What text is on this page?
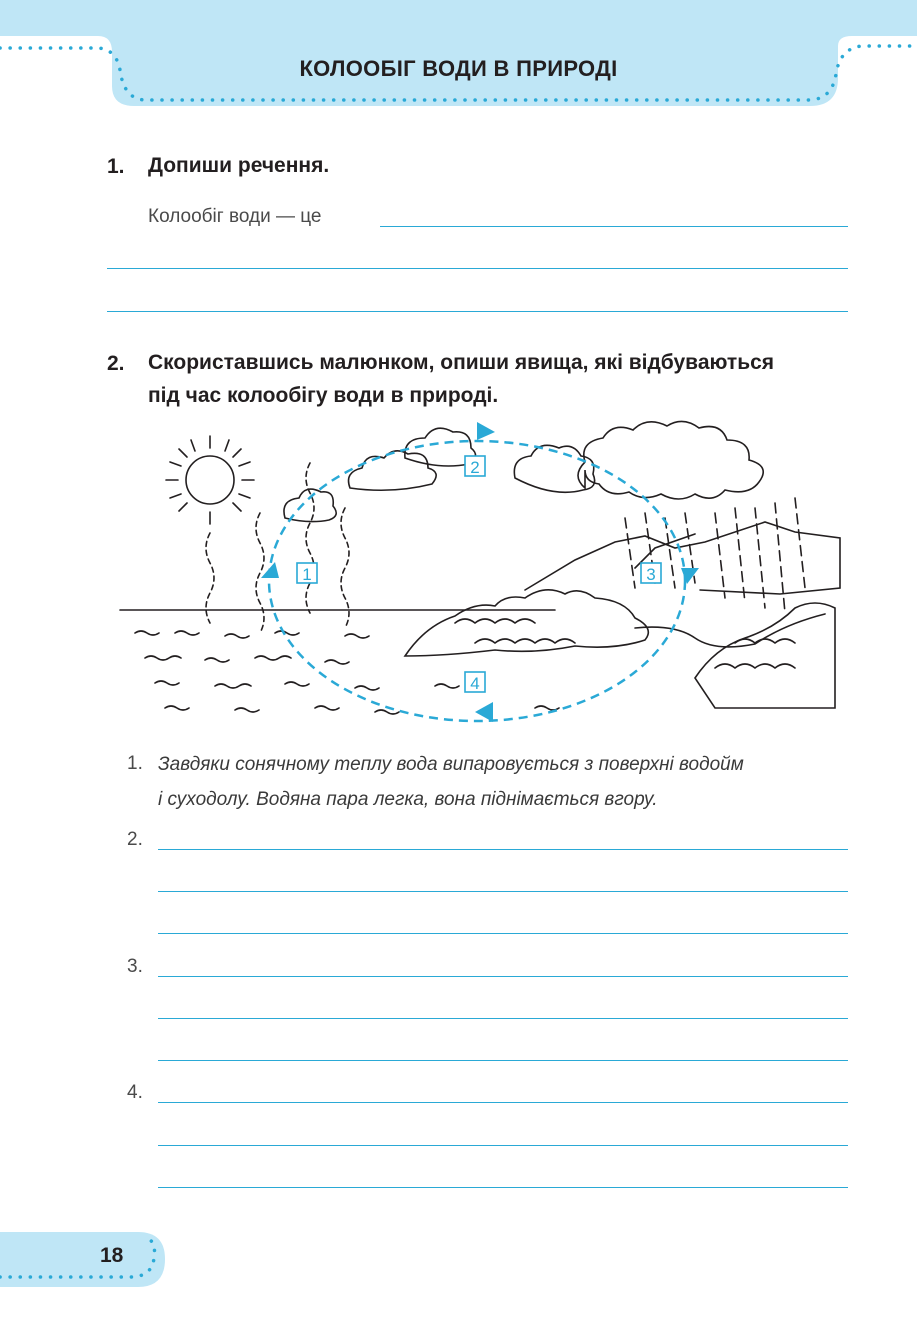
КОЛООБІГ ВОДИ В ПРИРОДІ
1. Допиши речення.
Колообіг води — це
2. Скориставшись малюнком, опиши явища, які відбуваються
під час колообігу води в природі.
1
2
3
4
1. Завдяки сонячному теплу вода випаровується з поверхні водойм
і суходолу. Водяна пара легка, вона піднімається вгору.
2.
3.
4.
18
